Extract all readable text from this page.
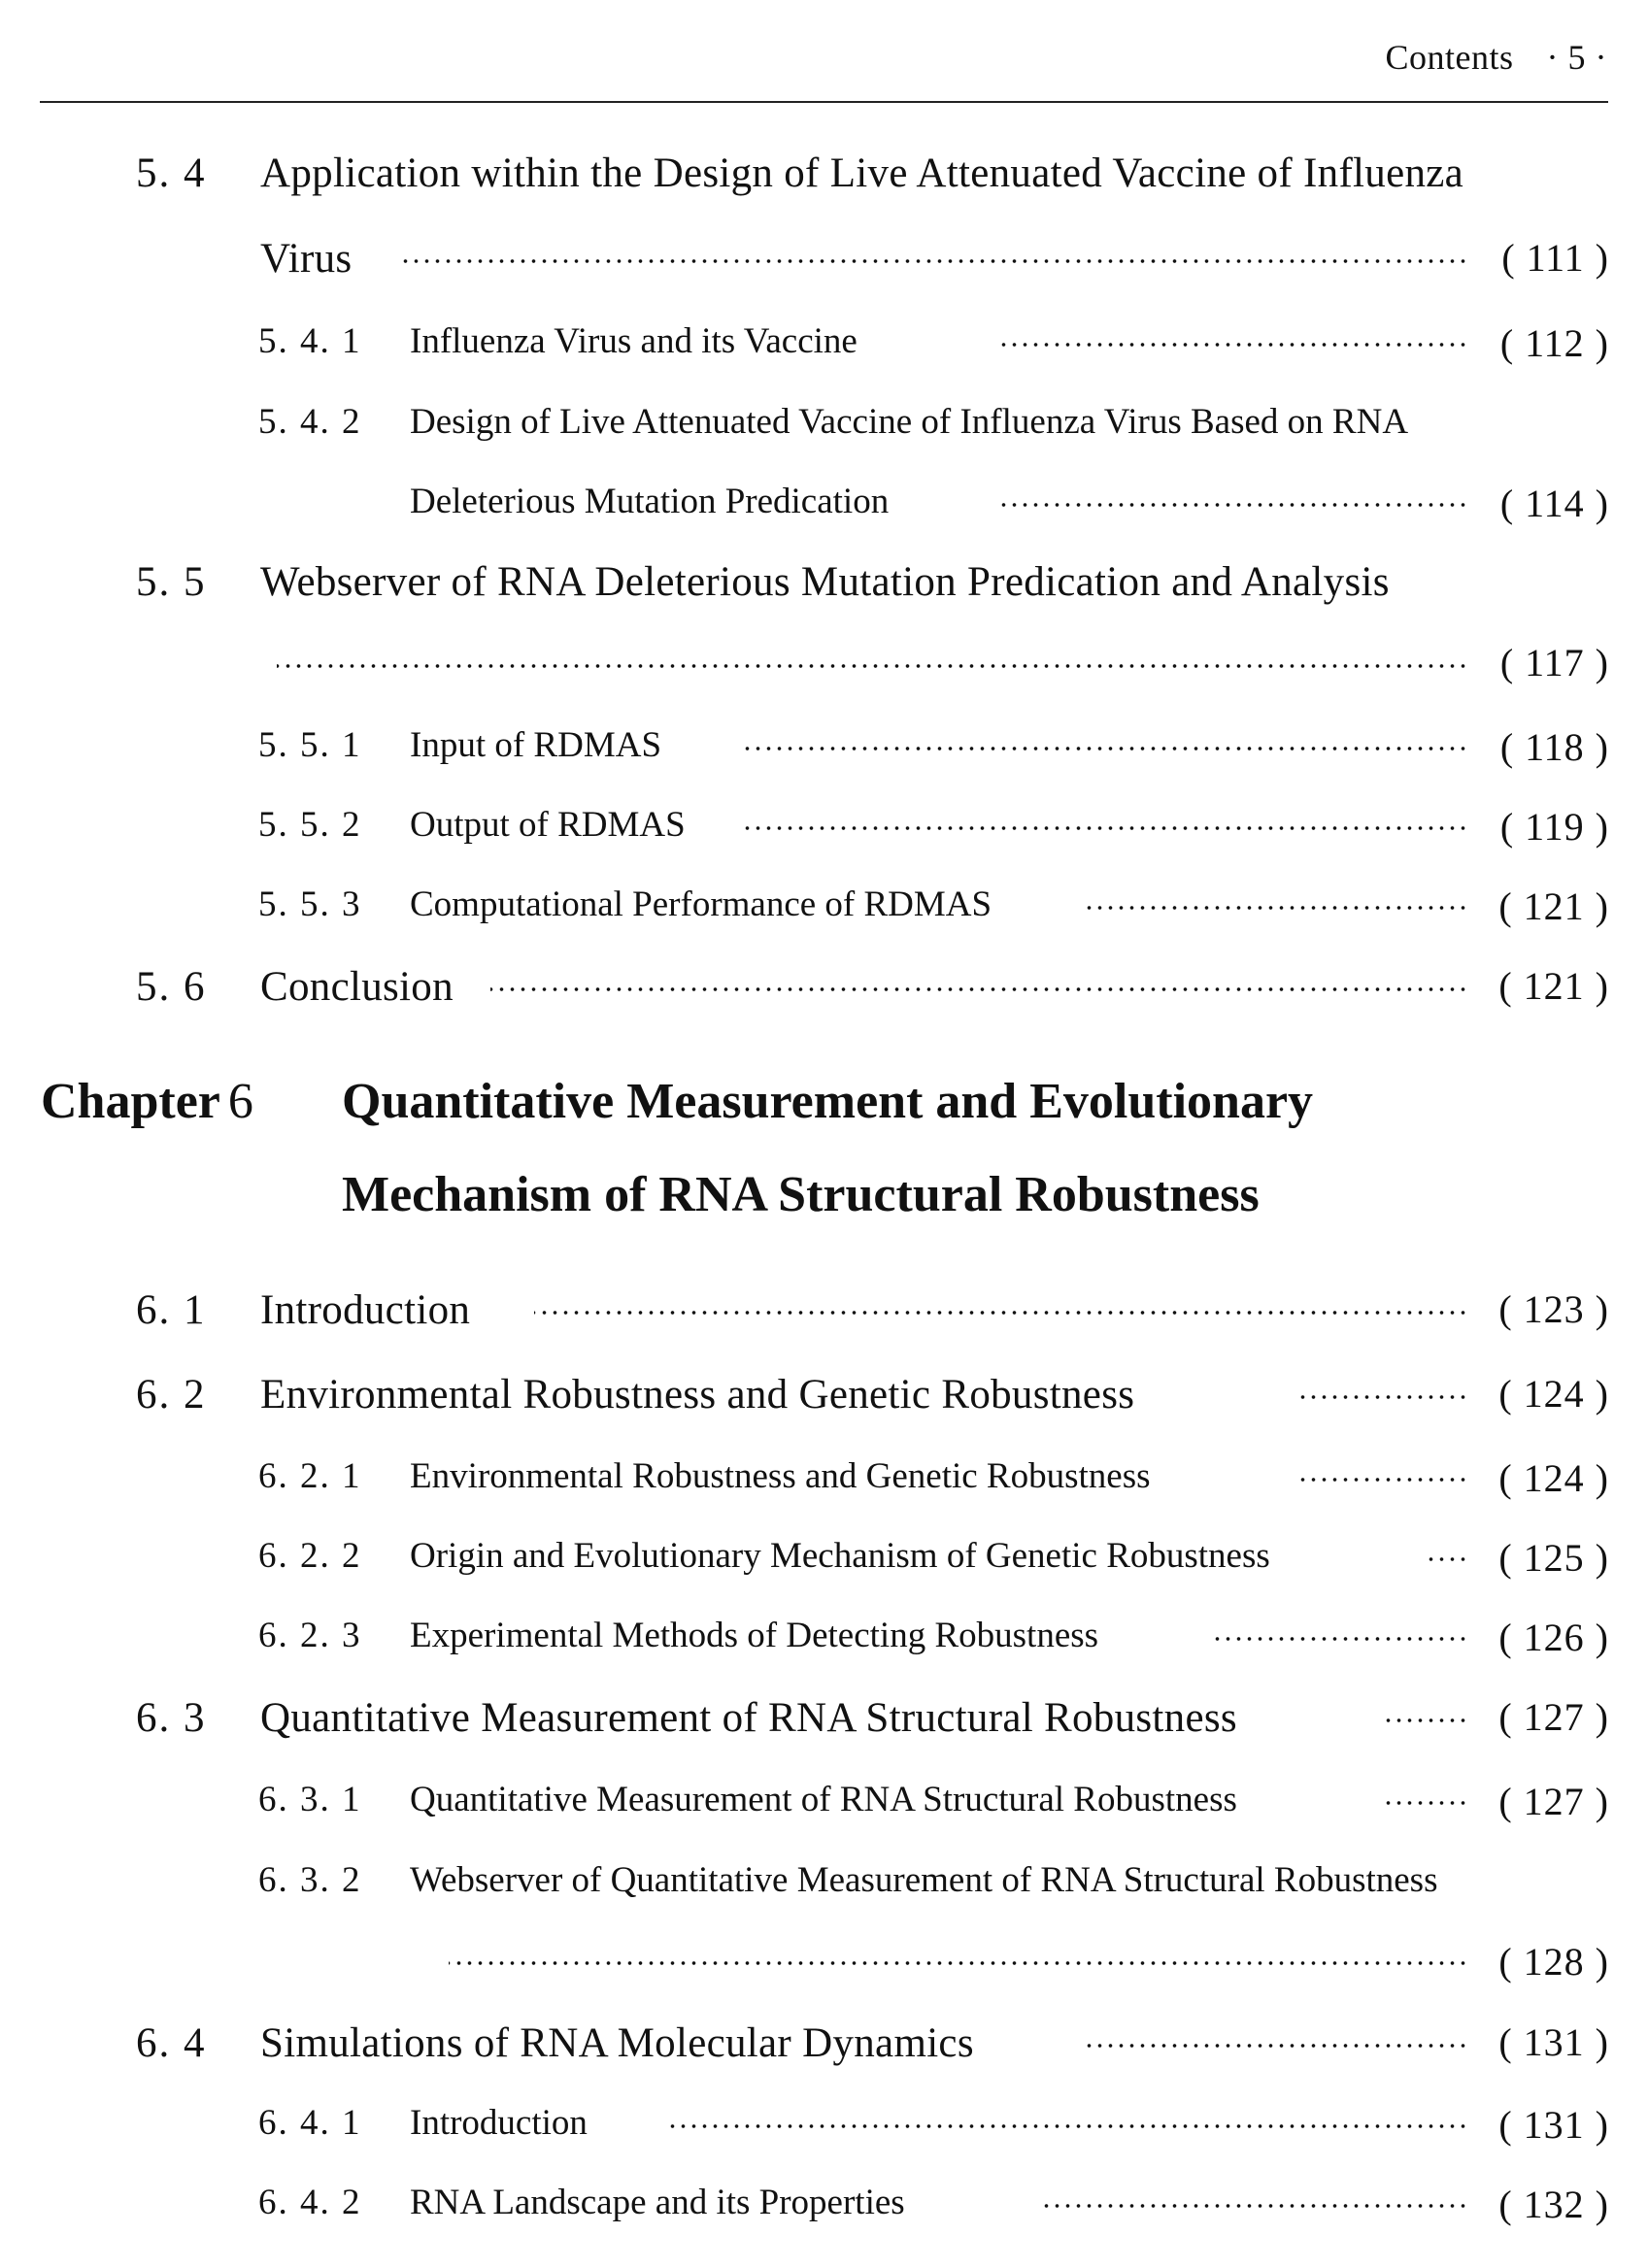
Contents · 5 ·
5. 4 Application within the Design of Live Attenuated Vaccine of Influenza
Virus	( 111 )
5. 4. 1 Influenza Virus and its Vaccine	( 112 )
5. 4. 2 Design of Live Attenuated Vaccine of Influenza Virus Based on RNA
Deleterious Mutation Predication	( 114 )
5. 5 Webserver of RNA Deleterious Mutation Predication and Analysis
( 117 )
5. 5. 1 Input of RDMAS	( 118 )
5. 5. 2 Output of RDMAS	( 119 )
5. 5. 3 Computational Performance of RDMAS	( 121 )
5. 6 Conclusion	( 121 )
Chapter 6 Quantitative Measurement and Evolutionary
Mechanism of RNA Structural Robustness
6. 1 Introduction	( 123 )
6. 2 Environmental Robustness and Genetic Robustness	( 124 )
6. 2. 1 Environmental Robustness and Genetic Robustness	( 124 )
6. 2. 2 Origin and Evolutionary Mechanism of Genetic Robustness	( 125 )
6. 2. 3 Experimental Methods of Detecting Robustness	( 126 )
6. 3 Quantitative Measurement of RNA Structural Robustness	( 127 )
6. 3. 1 Quantitative Measurement of RNA Structural Robustness	( 127 )
6. 3. 2 Webserver of Quantitative Measurement of RNA Structural Robustness
( 128 )
6. 4 Simulations of RNA Molecular Dynamics	( 131 )
6. 4. 1 Introduction	( 131 )
6. 4. 2 RNA Landscape and its Properties	( 132 )
